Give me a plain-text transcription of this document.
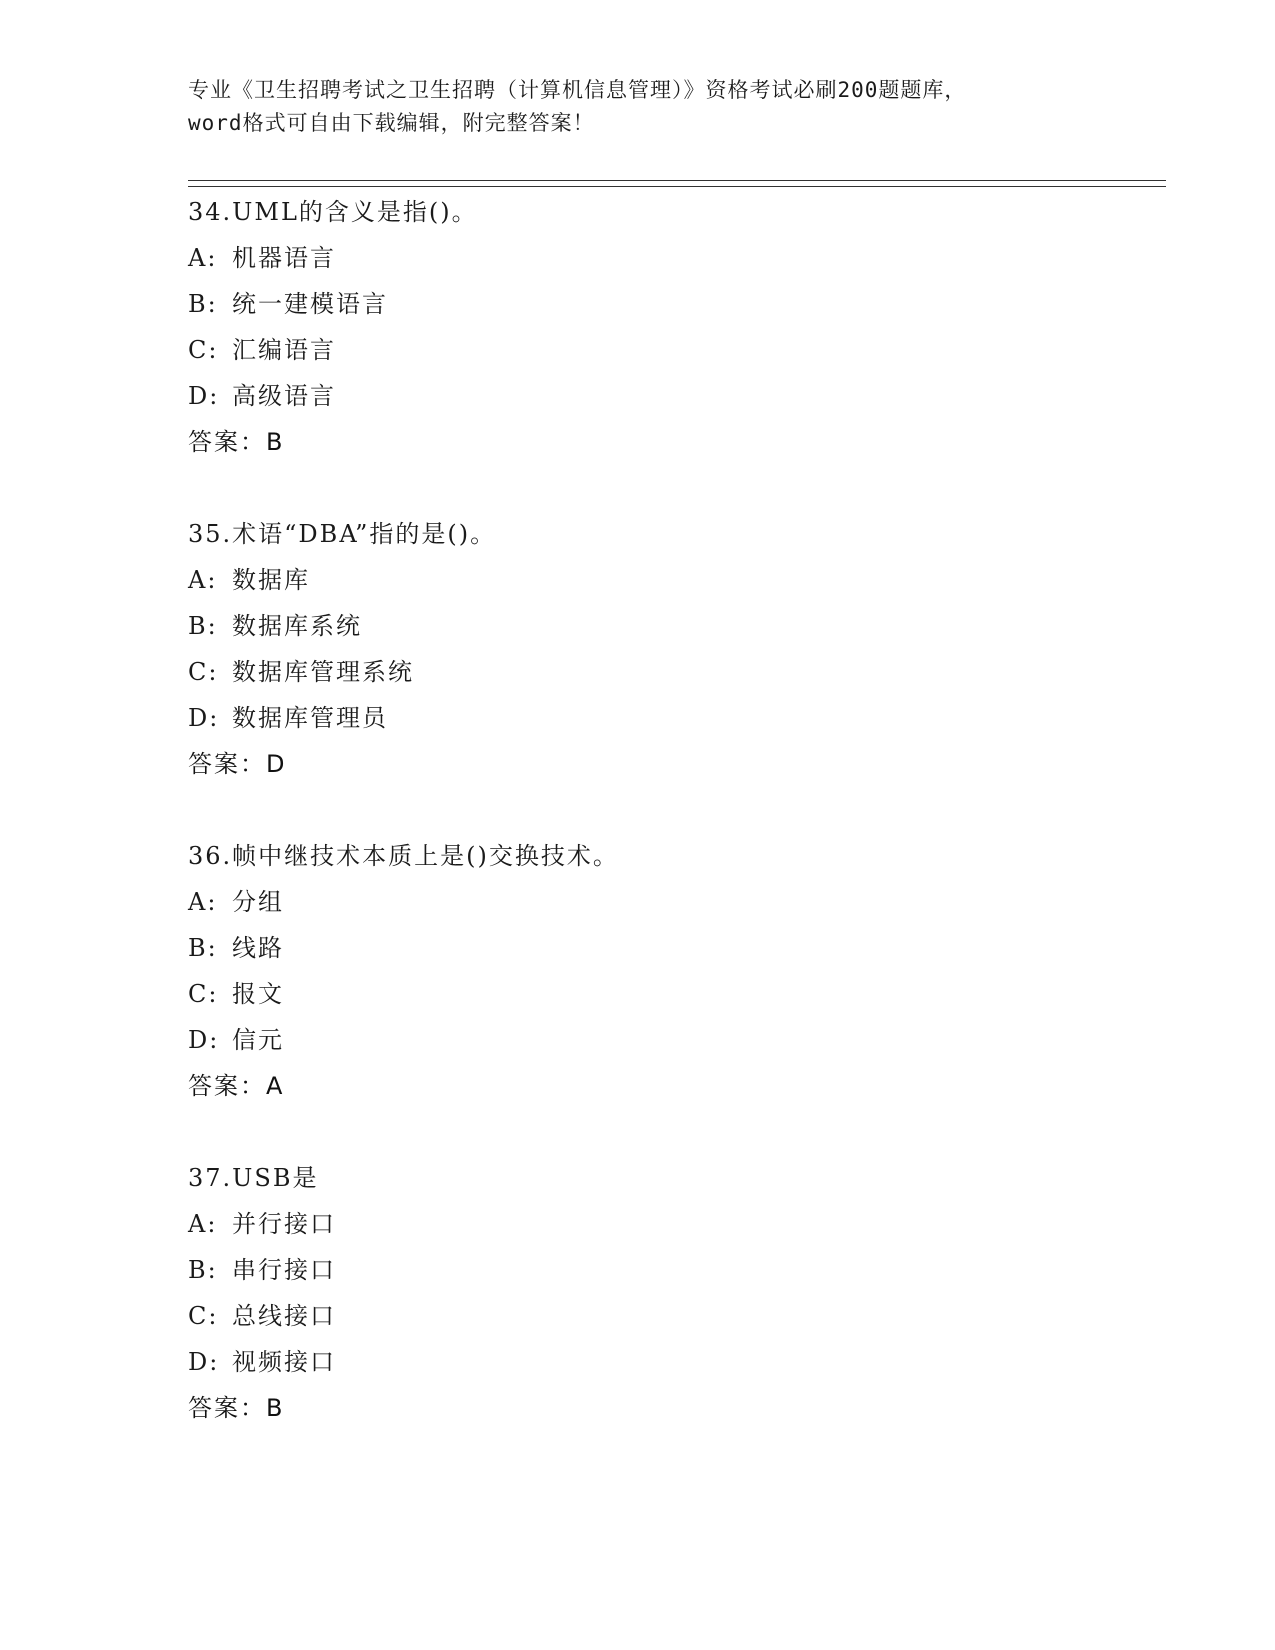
专业《卫生招聘考试之卫生招聘（计算机信息管理）》资格考试必刷200题题库，
word格式可自由下载编辑，附完整答案！
34.UML的含义是指()。
A: 机器语言
B: 统一建模语言
C: 汇编语言
D: 高级语言
答案：B
35.术语“DBA”指的是()。
A: 数据库
B: 数据库系统
C: 数据库管理系统
D: 数据库管理员
答案：D
36.帧中继技术本质上是()交换技术。
A: 分组
B: 线路
C: 报文
D: 信元
答案：A
37.USB是
A: 并行接口
B: 串行接口
C: 总线接口
D: 视频接口
答案：B
